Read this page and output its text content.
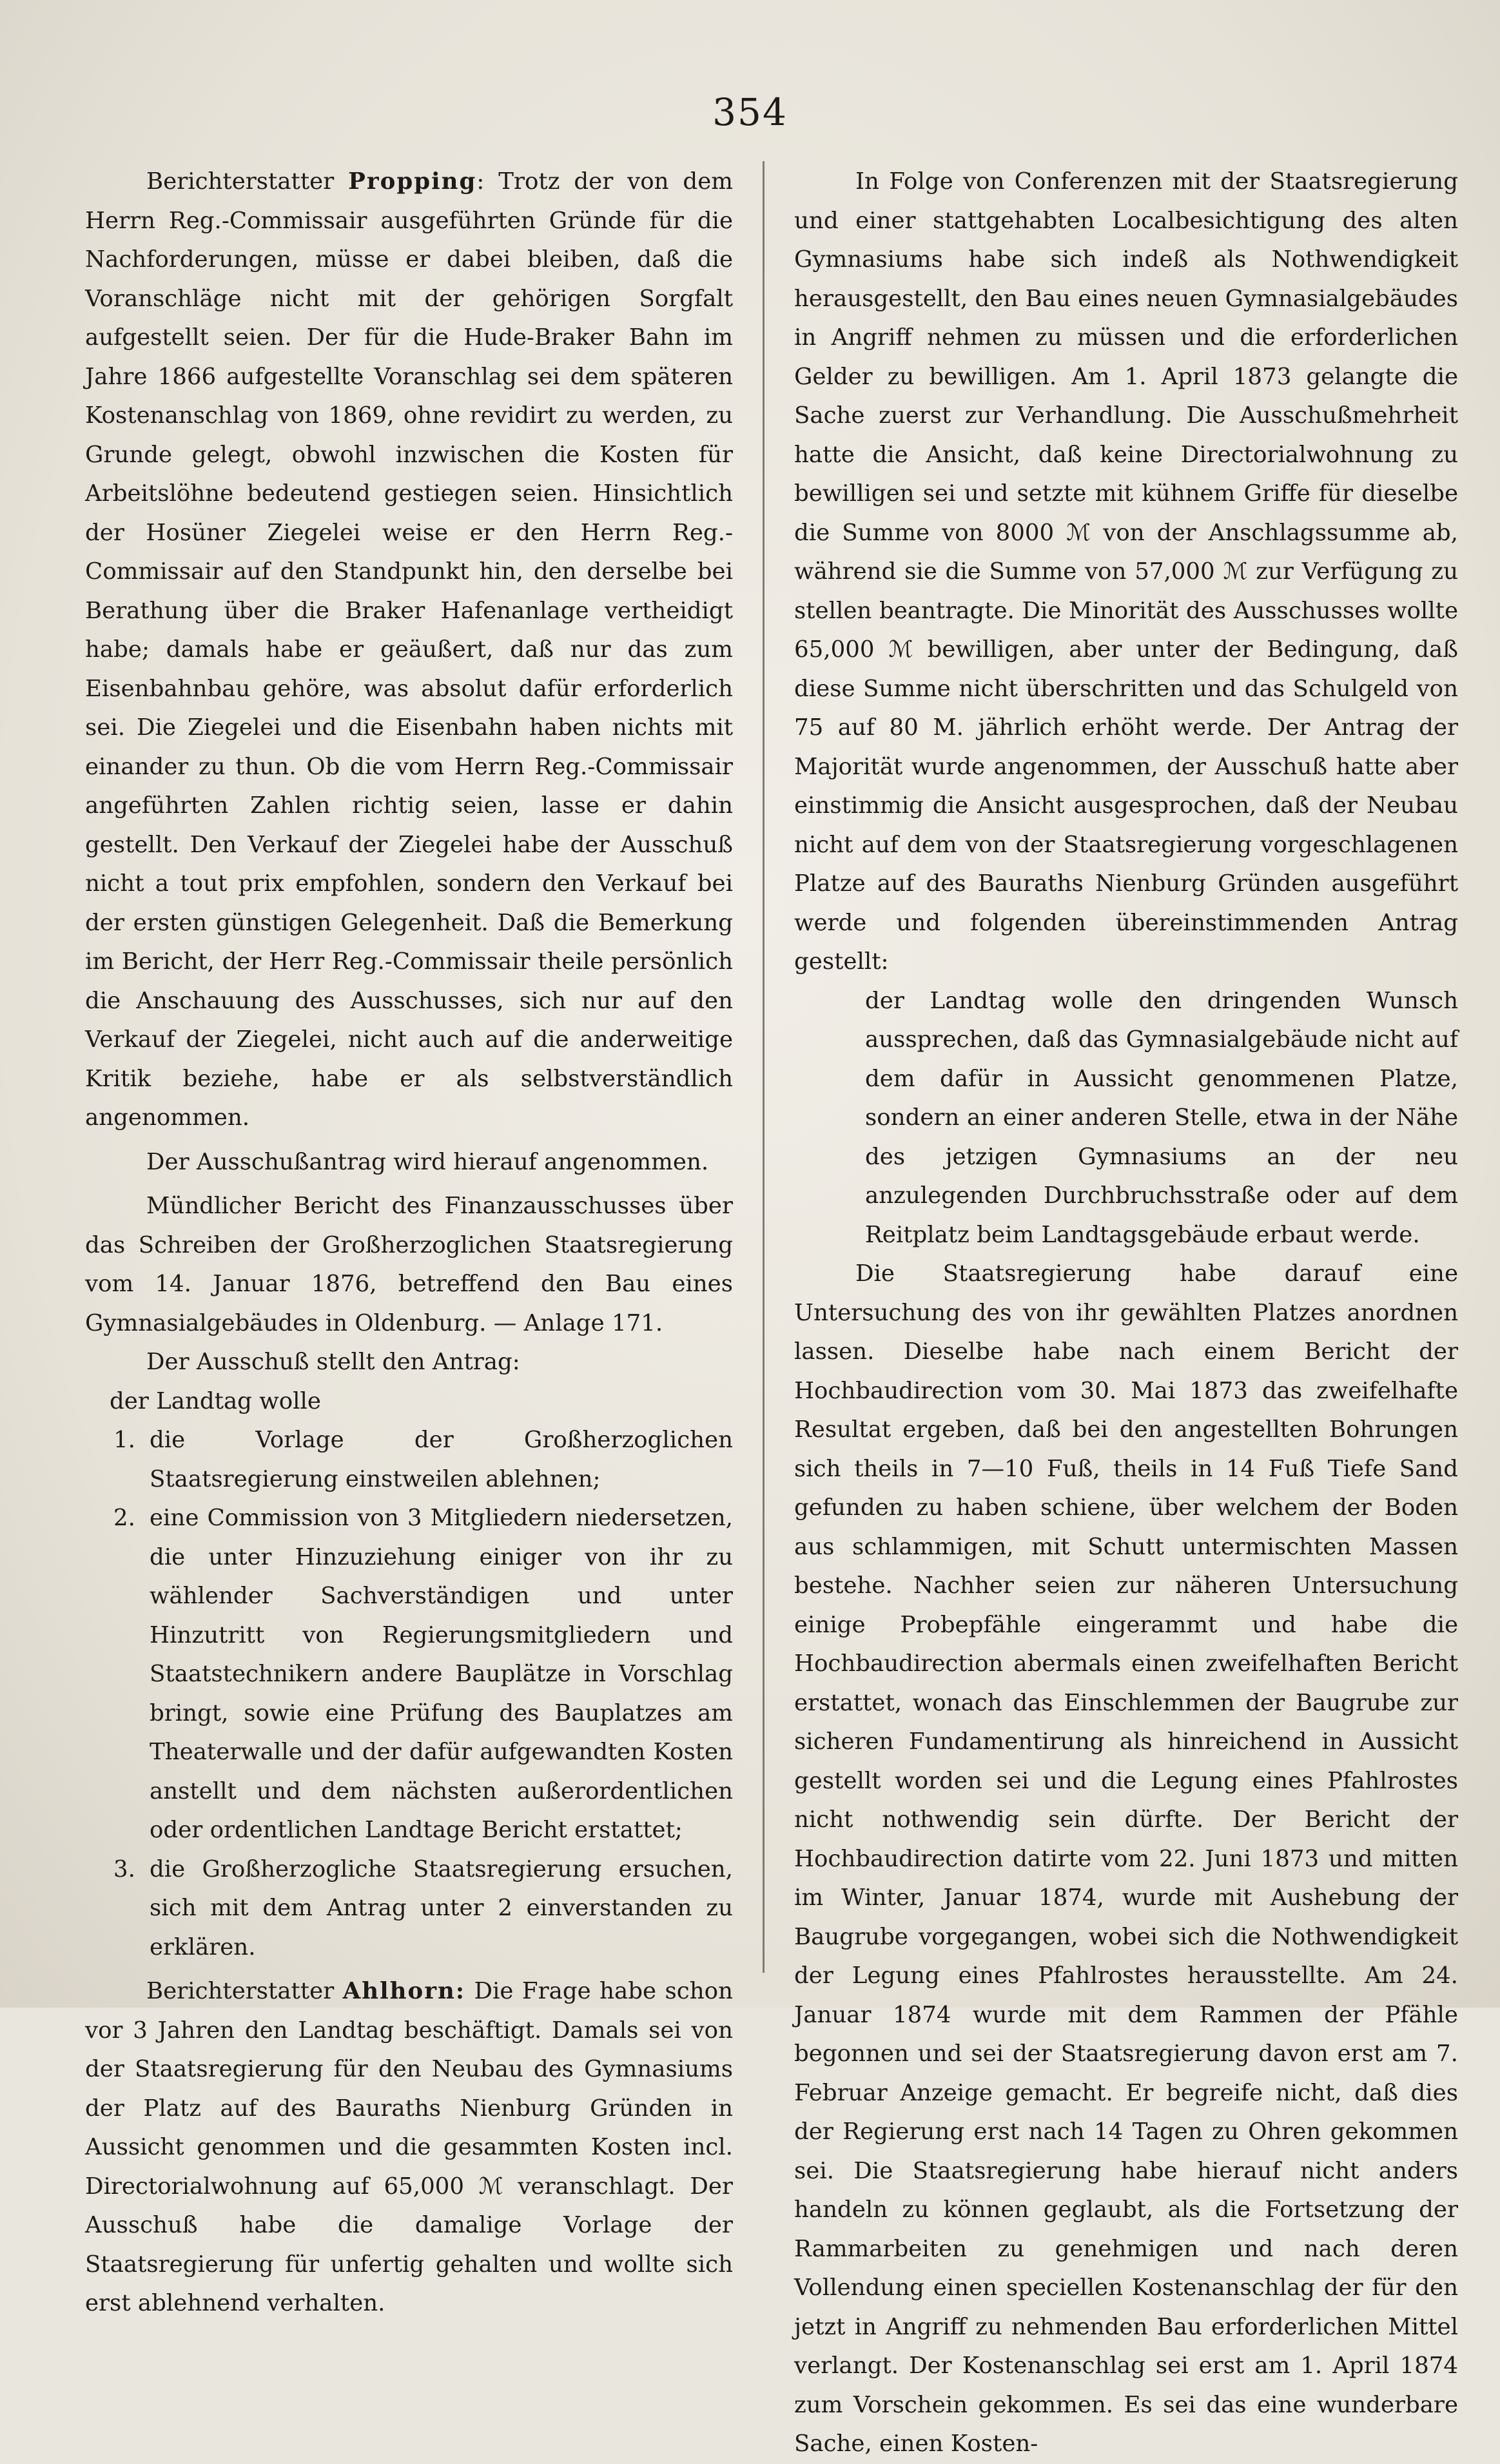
354

Berichterstatter Propping: Trotz der von dem Herrn Reg.-Commissair ausgeführten Gründe für die Nachforderungen, müsse er dabei bleiben, daß die Voranschläge nicht mit der gehörigen Sorgfalt aufgestellt seien. Der für die Hude-Braker Bahn im Jahre 1866 aufgestellte Voranschlag sei dem späteren Kostenanschlag von 1869, ohne revidirt zu werden, zu Grunde gelegt, obwohl inzwischen die Kosten für Arbeitslöhne bedeutend gestiegen seien. Hinsichtlich der Hosüner Ziegelei weise er den Herrn Reg.-Commissair auf den Standpunkt hin, den derselbe bei Berathung über die Braker Hafenanlage vertheidigt habe; damals habe er geäußert, daß nur das zum Eisenbahnbau gehöre, was absolut dafür erforderlich sei. Die Ziegelei und die Eisenbahn haben nichts mit einander zu thun. Ob die vom Herrn Reg.-Commissair angeführten Zahlen richtig seien, lasse er dahin gestellt. Den Verkauf der Ziegelei habe der Ausschuß nicht a tout prix empfohlen, sondern den Verkauf bei der ersten günstigen Gelegenheit. Daß die Bemerkung im Bericht, der Herr Reg.-Commissair theile persönlich die Anschauung des Ausschusses, sich nur auf den Verkauf der Ziegelei, nicht auch auf die anderweitige Kritik beziehe, habe er als selbstverständlich angenommen.

Der Ausschußantrag wird hierauf angenommen.

Mündlicher Bericht des Finanzausschusses über das Schreiben der Großherzoglichen Staatsregierung vom 14. Januar 1876, betreffend den Bau eines Gymnasialgebäudes in Oldenburg. — Anlage 171.

Der Ausschuß stellt den Antrag:

der Landtag wolle

1. die Vorlage der Großherzoglichen Staatsregierung einstweilen ablehnen;
2. eine Commission von 3 Mitgliedern niedersetzen, die unter Hinzuziehung einiger von ihr zu wählender Sachverständigen und unter Hinzutritt von Regierungsmitgliedern und Staatstechnikern andere Bauplätze in Vorschlag bringt, sowie eine Prüfung des Bauplatzes am Theaterwalle und der dafür aufgewandten Kosten anstellt und dem nächsten außerordentlichen oder ordentlichen Landtage Bericht erstattet;
3. die Großherzogliche Staatsregierung ersuchen, sich mit dem Antrag unter 2 einverstanden zu erklären.

Berichterstatter Ahlhorn: Die Frage habe schon vor 3 Jahren den Landtag beschäftigt. Damals sei von der Staatsregierung für den Neubau des Gymnasiums der Platz auf des Bauraths Nienburg Gründen in Aussicht genommen und die gesammten Kosten incl. Directorialwohnung auf 65,000 ℳ veranschlagt. Der Ausschuß habe die damalige Vorlage der Staatsregierung für unfertig gehalten und wollte sich erst ablehnend verhalten.

In Folge von Conferenzen mit der Staatsregierung und einer stattgehabten Localbesichtigung des alten Gymnasiums habe sich indeß als Nothwendigkeit herausgestellt, den Bau eines neuen Gymnasialgebäudes in Angriff nehmen zu müssen und die erforderlichen Gelder zu bewilligen. Am 1. April 1873 gelangte die Sache zuerst zur Verhandlung. Die Ausschußmehrheit hatte die Ansicht, daß keine Directorialwohnung zu bewilligen sei und setzte mit kühnem Griffe für dieselbe die Summe von 8000 ℳ von der Anschlagssumme ab, während sie die Summe von 57,000 ℳ zur Verfügung zu stellen beantragte. Die Minorität des Ausschusses wollte 65,000 ℳ bewilligen, aber unter der Bedingung, daß diese Summe nicht überschritten und das Schulgeld von 75 auf 80 M. jährlich erhöht werde. Der Antrag der Majorität wurde angenommen, der Ausschuß hatte aber einstimmig die Ansicht ausgesprochen, daß der Neubau nicht auf dem von der Staatsregierung vorgeschlagenen Platze auf des Bauraths Nienburg Gründen ausgeführt werde und folgenden übereinstimmenden Antrag gestellt:

der Landtag wolle den dringenden Wunsch aussprechen, daß das Gymnasialgebäude nicht auf dem dafür in Aussicht genommenen Platze, sondern an einer anderen Stelle, etwa in der Nähe des jetzigen Gymnasiums an der neu anzulegenden Durchbruchsstraße oder auf dem Reitplatz beim Landtagsgebäude erbaut werde.

Die Staatsregierung habe darauf eine Untersuchung des von ihr gewählten Platzes anordnen lassen. Dieselbe habe nach einem Bericht der Hochbaudirection vom 30. Mai 1873 das zweifelhafte Resultat ergeben, daß bei den angestellten Bohrungen sich theils in 7—10 Fuß, theils in 14 Fuß Tiefe Sand gefunden zu haben schiene, über welchem der Boden aus schlammigen, mit Schutt untermischten Massen bestehe. Nachher seien zur näheren Untersuchung einige Probepfähle eingerammt und habe die Hochbaudirection abermals einen zweifelhaften Bericht erstattet, wonach das Einschlemmen der Baugrube zur sicheren Fundamentirung als hinreichend in Aussicht gestellt worden sei und die Legung eines Pfahlrostes nicht nothwendig sein dürfte. Der Bericht der Hochbaudirection datirte vom 22. Juni 1873 und mitten im Winter, Januar 1874, wurde mit Aushebung der Baugrube vorgegangen, wobei sich die Nothwendigkeit der Legung eines Pfahlrostes herausstellte. Am 24. Januar 1874 wurde mit dem Rammen der Pfähle begonnen und sei der Staatsregierung davon erst am 7. Februar Anzeige gemacht. Er begreife nicht, daß dies der Regierung erst nach 14 Tagen zu Ohren gekommen sei. Die Staatsregierung habe hierauf nicht anders handeln zu können geglaubt, als die Fortsetzung der Rammarbeiten zu genehmigen und nach deren Vollendung einen speciellen Kostenanschlag der für den jetzt in Angriff zu nehmenden Bau erforderlichen Mittel verlangt. Der Kostenanschlag sei erst am 1. April 1874 zum Vorschein gekommen. Es sei das eine wunderbare Sache, einen Kosten-
